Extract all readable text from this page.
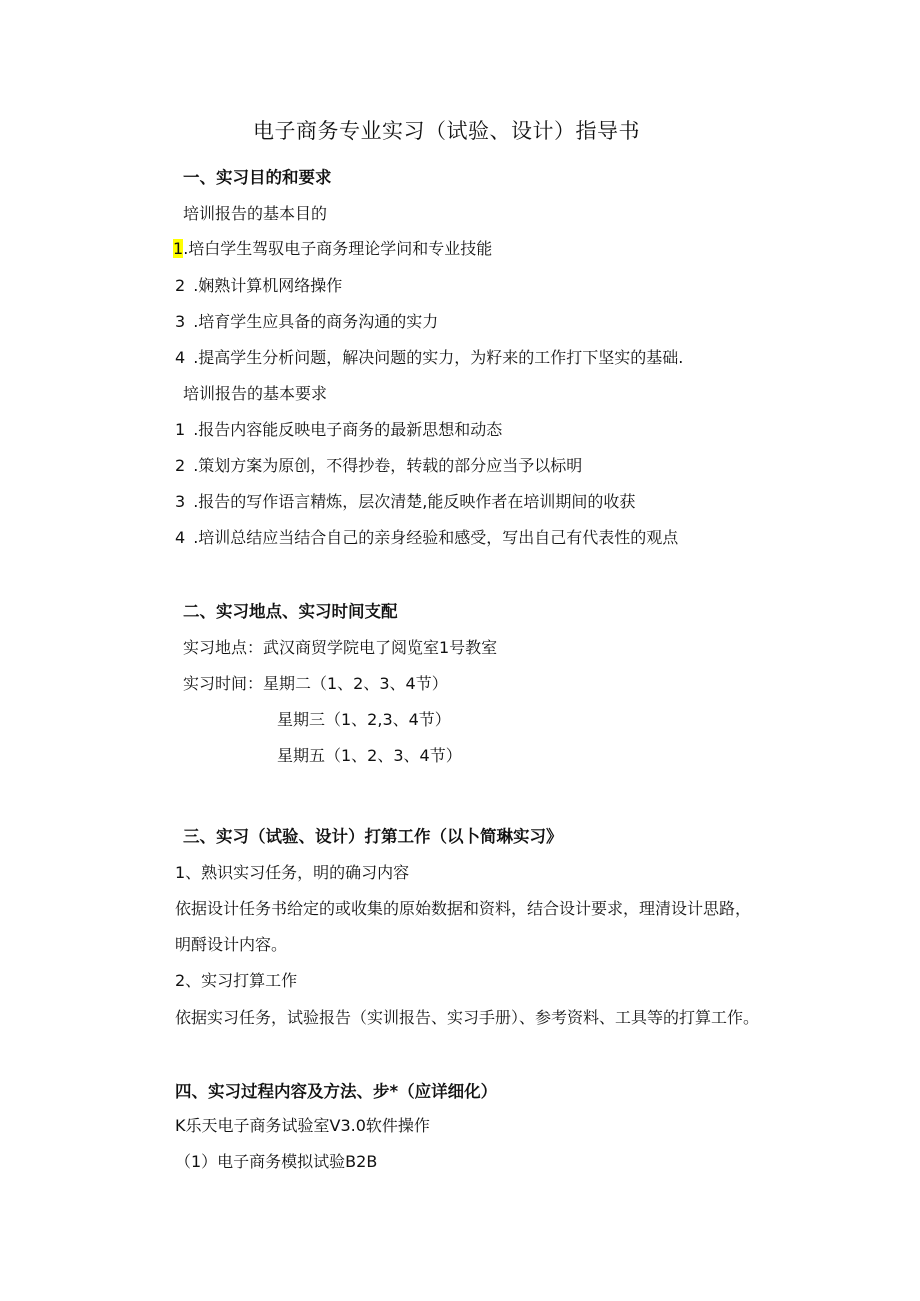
电子商务专业实习（试验、设计）指导书
一、实习目的和要求
培训报告的基本目的
1.培白学生驾驭电子商务理论学问和专业技能
2 .娴熟计算机网络操作
3 .培育学生应具备的商务沟通的实力
4 .提高学生分析问题，解决问题的实力，为籽来的工作打下坚实的基础.
培训报告的基本要求
1 .报告内容能反映电子商务的最新思想和动态
2 .策划方案为原创，不得抄卷，转载的部分应当予以标明
3 .报告的写作语言精炼，层次清楚,能反映作者在培训期间的收获
4 .培训总结应当结合自己的亲身经验和感受，写出自己有代表性的观点
二、实习地点、实习时间支配
实习地点：武汉商贸学院电了阅览室1号教室
实习时间：星期二（1、2、3、4节）
星期三（1、2,3、4节）
星期五（1、2、3、4节）
三、实习（试验、设计）打第工作（以卜简琳实习》
1、熟识实习任务，明的确习内容
依据设计任务书给定的或收集的原始数据和资料，结合设计要求，理清设计思路，
明酹设计内容。
2、实习打算工作
依据实习任务，试验报告（实训报告、实习手册）、参考资料、工具等的打算工作。
四、实习过程内容及方法、步*（应详细化）
K乐天电子商务试验室V3.0软件操作
（1）电子商务模拟试验B2B
